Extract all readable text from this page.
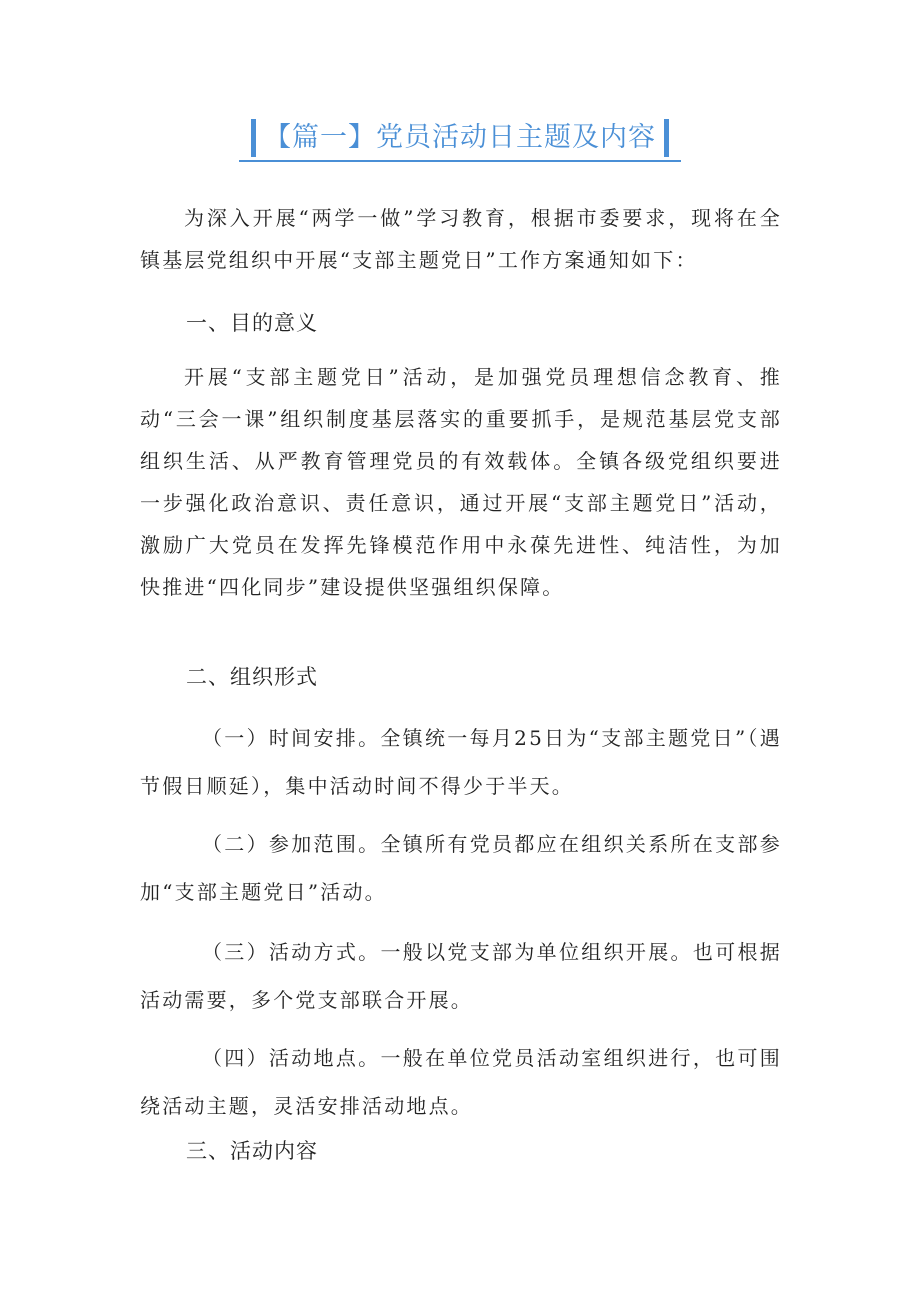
【篇一】党员活动日主题及内容

为深入开展“两学一做”学习教育，根据市委要求，现将在全镇基层党组织中开展“支部主题党日”工作方案通知如下：

一、目的意义

开展“支部主题党日”活动，是加强党员理想信念教育、推动“三会一课”组织制度基层落实的重要抓手，是规范基层党支部组织生活、从严教育管理党员的有效载体。全镇各级党组织要进一步强化政治意识、责任意识，通过开展“支部主题党日”活动，激励广大党员在发挥先锋模范作用中永葆先进性、纯洁性，为加快推进“四化同步”建设提供坚强组织保障。

二、组织形式

（一）时间安排。全镇统一每月25日为“支部主题党日”（遇节假日顺延），集中活动时间不得少于半天。

（二）参加范围。全镇所有党员都应在组织关系所在支部参加“支部主题党日”活动。

（三）活动方式。一般以党支部为单位组织开展。也可根据活动需要，多个党支部联合开展。

（四）活动地点。一般在单位党员活动室组织进行，也可围绕活动主题，灵活安排活动地点。

三、活动内容
